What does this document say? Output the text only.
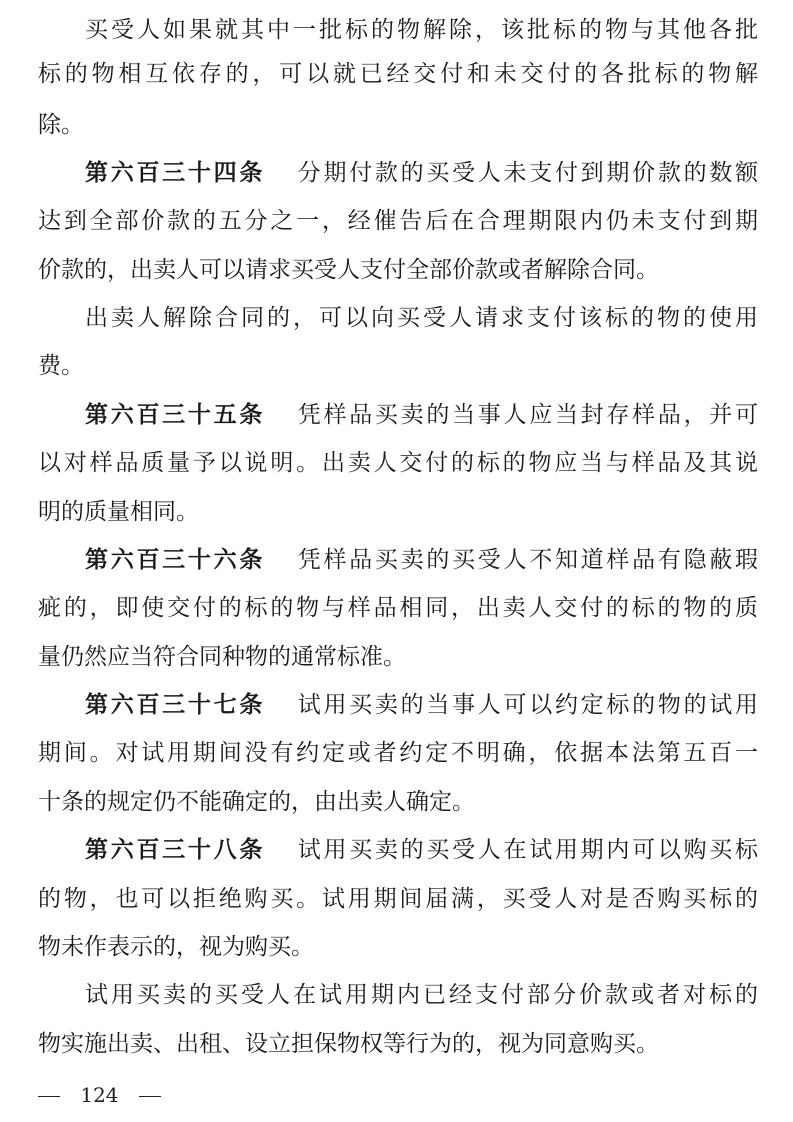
买受人如果就其中一批标的物解除，该批标的物与其他各批
标的物相互依存的，可以就已经交付和未交付的各批标的物解
除。
第六百三十四条 分期付款的买受人未支付到期价款的数额
达到全部价款的五分之一，经催告后在合理期限内仍未支付到期
价款的，出卖人可以请求买受人支付全部价款或者解除合同。
出卖人解除合同的，可以向买受人请求支付该标的物的使用
费。
第六百三十五条 凭样品买卖的当事人应当封存样品，并可
以对样品质量予以说明。出卖人交付的标的物应当与样品及其说
明的质量相同。
第六百三十六条 凭样品买卖的买受人不知道样品有隐蔽瑕
疵的，即使交付的标的物与样品相同，出卖人交付的标的物的质
量仍然应当符合同种物的通常标准。
第六百三十七条 试用买卖的当事人可以约定标的物的试用
期间。对试用期间没有约定或者约定不明确，依据本法第五百一
十条的规定仍不能确定的，由出卖人确定。
第六百三十八条 试用买卖的买受人在试用期内可以购买标
的物，也可以拒绝购买。试用期间届满，买受人对是否购买标的
物未作表示的，视为购买。
试用买卖的买受人在试用期内已经支付部分价款或者对标的
物实施出卖、出租、设立担保物权等行为的，视为同意购买。
124
